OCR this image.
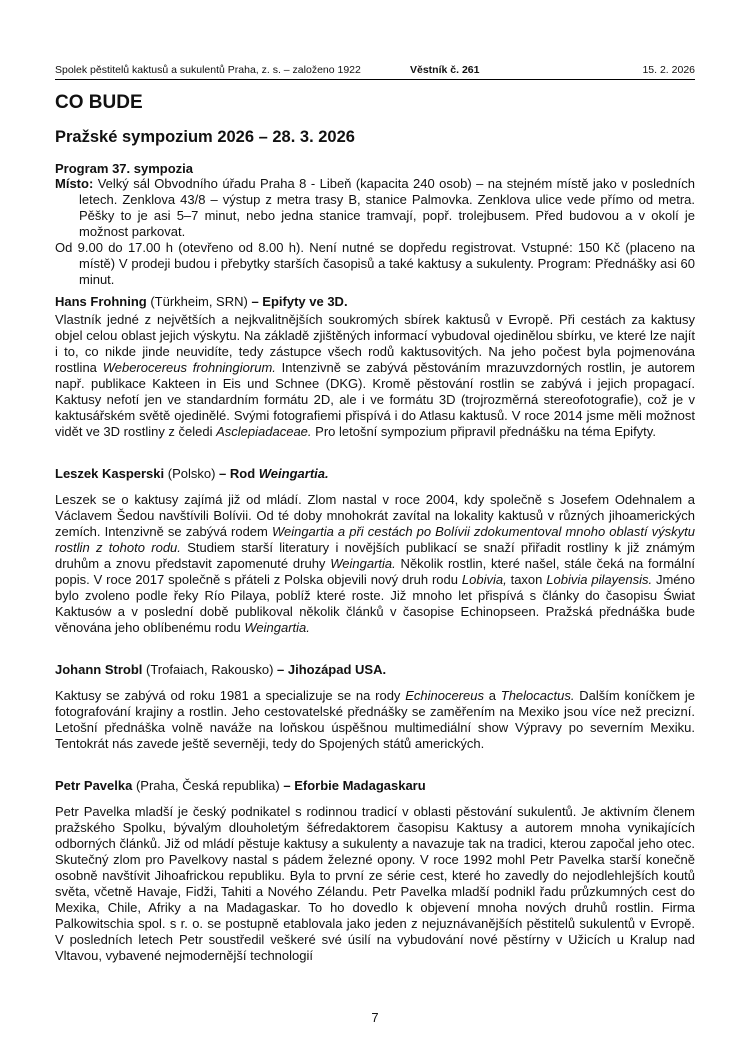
Spolek pěstitelů kaktusů a sukulentů Praha, z. s. – založeno 1922	Věstník č. 261	15. 2. 2026

CO BUDE
Pražské sympozium 2026 – 28. 3. 2026
Program 37. sympozia

Místo: Velký sál Obvodního úřadu Praha 8 - Libeň (kapacita 240 osob) – na stejném místě jako v posledních letech. Zenklova 43/8 – výstup z metra trasy B, stanice Palmovka. Zenklova ulice vede přímo od metra. Pěšky to je asi 5–7 minut, nebo jedna stanice tramvají, popř. trolejbusem. Před budovou a v okolí je možnost parkovat.

Od 9.00 do 17.00 h (otevřeno od 8.00 h). Není nutné se dopředu registrovat. Vstupné: 150 Kč (placeno na místě) V prodeji budou i přebytky starších časopisů a také kaktusy a sukulenty. Program: Přednášky asi 60 minut.

Hans Frohning (Türkheim, SRN) – Epifyty ve 3D.

Vlastník jedné z největších a nejkvalitnějších soukromých sbírek kaktusů v Evropě. Při cestách za kaktusy objel celou oblast jejich výskytu. Na základě zjištěných informací vybudoval ojedinělou sbírku, ve které lze najít i to, co nikde jinde neuvidíte, tedy zástupce všech rodů kaktusovitých. Na jeho počest byla pojmenována rostlina Weberocereus frohningiorum. Intenzivně se zabývá pěstováním mrazuvzdorných rostlin, je autorem např. publikace Kakteen in Eis und Schnee (DKG). Kromě pěstování rostlin se zabývá i jejich propagací. Kaktusy nefotí jen ve standardním formátu 2D, ale i ve formátu 3D (trojrozměrná stereofotografie), což je v kaktusářském světě ojedinělé. Svými fotografiemi přispívá i do Atlasu kaktusů. V roce 2014 jsme měli možnost vidět ve 3D rostliny z čeledi Asclepiadaceae. Pro letošní sympozium připravil přednášku na téma Epifyty.

Leszek Kasperski (Polsko) – Rod Weingartia.

Leszek se o kaktusy zajímá již od mládí. Zlom nastal v roce 2004, kdy společně s Josefem Odehnalem a Václavem Šedou navštívili Bolívii. Od té doby mnohokrát zavítal na lokality kaktusů v různých jihoamerických zemích. Intenzivně se zabývá rodem Weingartia a při cestách po Bolívii zdokumentoval mnoho oblastí výskytu rostlin z tohoto rodu. Studiem starší literatury i novějších publikací se snaží přiřadit rostliny k již známým druhům a znovu představit zapomenuté druhy Weingartia. Několik rostlin, které našel, stále čeká na formální popis. V roce 2017 společně s přáteli z Polska objevili nový druh rodu Lobivia, taxon Lobivia pilayensis. Jméno bylo zvoleno podle řeky Río Pilaya, poblíž které roste. Již mnoho let přispívá s články do časopisu Świat Kaktusów a v poslední době publikoval několik článků v časopise Echinopseen. Pražská přednáška bude věnována jeho oblíbenému rodu Weingartia.

Johann Strobl (Trofaiach, Rakousko) – Jihozápad USA.

Kaktusy se zabývá od roku 1981 a specializuje se na rody Echinocereus a Thelocactus. Dalším koníčkem je fotografování krajiny a rostlin. Jeho cestovatelské přednášky se zaměřením na Mexiko jsou více než precizní. Letošní přednáška volně naváže na loňskou úspěšnou multimediální show Výpravy po severním Mexiku. Tentokrát nás zavede ještě severněji, tedy do Spojených států amerických.

Petr Pavelka (Praha, Česká republika) – Eforbie Madagaskaru

Petr Pavelka mladší je český podnikatel s rodinnou tradicí v oblasti pěstování sukulentů. Je aktivním členem pražského Spolku, bývalým dlouholetým šéfredaktorem časopisu Kaktusy a autorem mnoha vynikajících odborných článků. Již od mládí pěstuje kaktusy a sukulenty a navazuje tak na tradici, kterou započal jeho otec. Skutečný zlom pro Pavelkovy nastal s pádem železné opony. V roce 1992 mohl Petr Pavelka starší konečně osobně navštívit Jihoafrickou republiku. Byla to první ze série cest, které ho zavedly do nejodlehlejších koutů světa, včetně Havaje, Fidži, Tahiti a Nového Zélandu. Petr Pavelka mladší podnikl řadu průzkumných cest do Mexika, Chile, Afriky a na Madagaskar. To ho dovedlo k objevení mnoha nových druhů rostlin. Firma Palkowitschia spol. s r. o. se postupně etablovala jako jeden z nejuznávanějších pěstitelů sukulentů v Evropě. V posledních letech Petr soustředil veškeré své úsilí na vybudování nové pěstírny v Užicích u Kralup nad Vltavou, vybavené nejmodernější technologií

7
